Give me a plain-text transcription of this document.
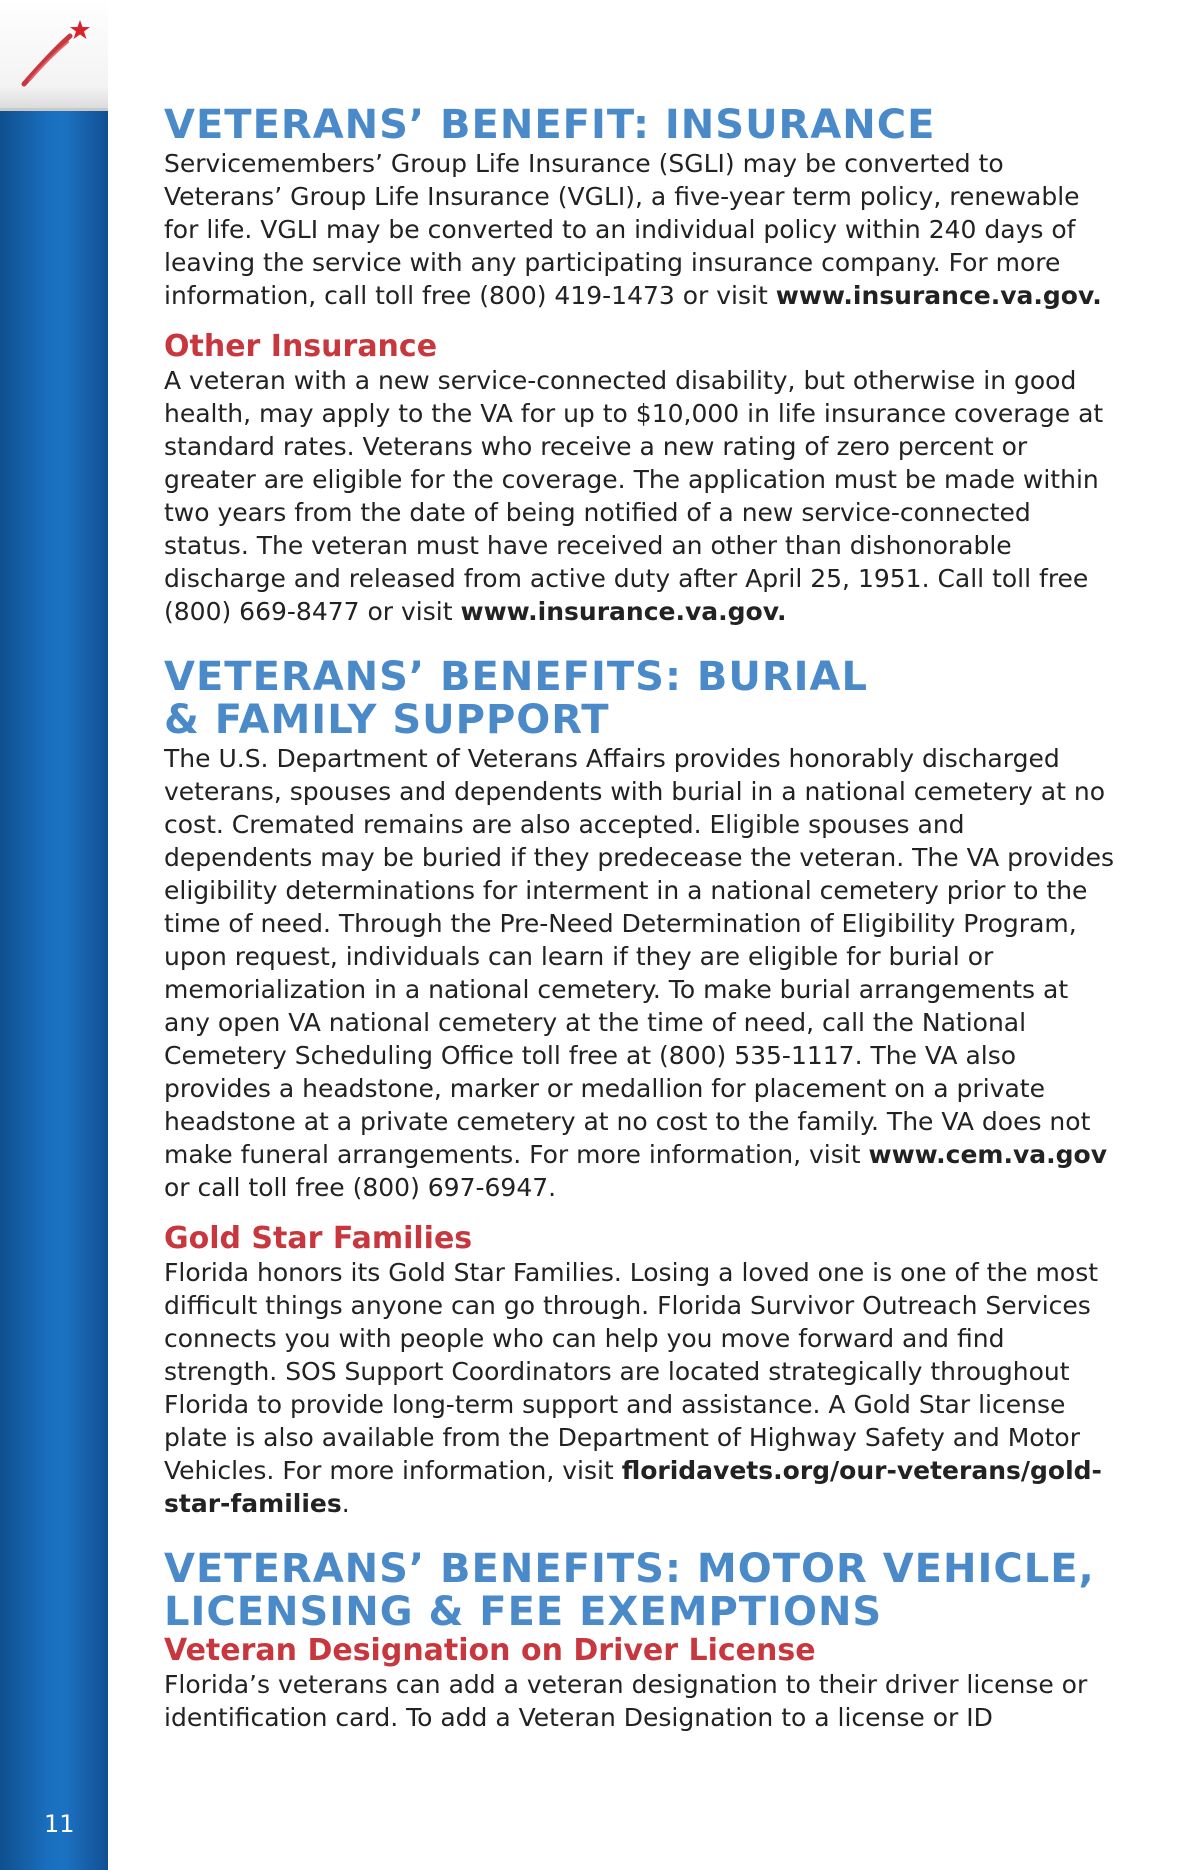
11
VETERANS’ BENEFIT: INSURANCE

Servicemembers’ Group Life Insurance (SGLI) may be converted to Veterans’ Group Life Insurance (VGLI), a five-year term policy, renewable for life. VGLI may be converted to an individual policy within 240 days of leaving the service with any participating insurance company. For more information, call toll free (800) 419-1473 or visit www.insurance.va.gov.

Other Insurance

A veteran with a new service-connected disability, but otherwise in good health, may apply to the VA for up to $10,000 in life insurance coverage at standard rates. Veterans who receive a new rating of zero percent or greater are eligible for the coverage. The application must be made within two years from the date of being notified of a new service-connected status. The veteran must have received an other than dishonorable discharge and released from active duty after April 25, 1951. Call toll free (800) 669-8477 or visit www.insurance.va.gov.

VETERANS’ BENEFITS: BURIAL
& FAMILY SUPPORT

The U.S. Department of Veterans Affairs provides honorably discharged veterans, spouses and dependents with burial in a national cemetery at no cost. Cremated remains are also accepted. Eligible spouses and dependents may be buried if they predecease the veteran. The VA provides eligibility determinations for interment in a national cemetery prior to the time of need. Through the Pre-Need Determination of Eligibility Program, upon request, individuals can learn if they are eligible for burial or memorialization in a national cemetery. To make burial arrangements at any open VA national cemetery at the time of need, call the National Cemetery Scheduling Office toll free at (800) 535-1117. The VA also provides a headstone, marker or medallion for placement on a private headstone at a private cemetery at no cost to the family. The VA does not make funeral arrangements. For more information, visit www.cem.va.gov or call toll free (800) 697-6947.

Gold Star Families

Florida honors its Gold Star Families. Losing a loved one is one of the most difficult things anyone can go through. Florida Survivor Outreach Services connects you with people who can help you move forward and find strength. SOS Support Coordinators are located strategically throughout Florida to provide long-term support and assistance. A Gold Star license plate is also available from the Department of Highway Safety and Motor Vehicles. For more information, visit floridavets.org/our-veterans/gold-star-families.

VETERANS’ BENEFITS: MOTOR VEHICLE,
LICENSING & FEE EXEMPTIONS
Veteran Designation on Driver License

Florida’s veterans can add a veteran designation to their driver license or identification card. To add a Veteran Designation to a license or ID
